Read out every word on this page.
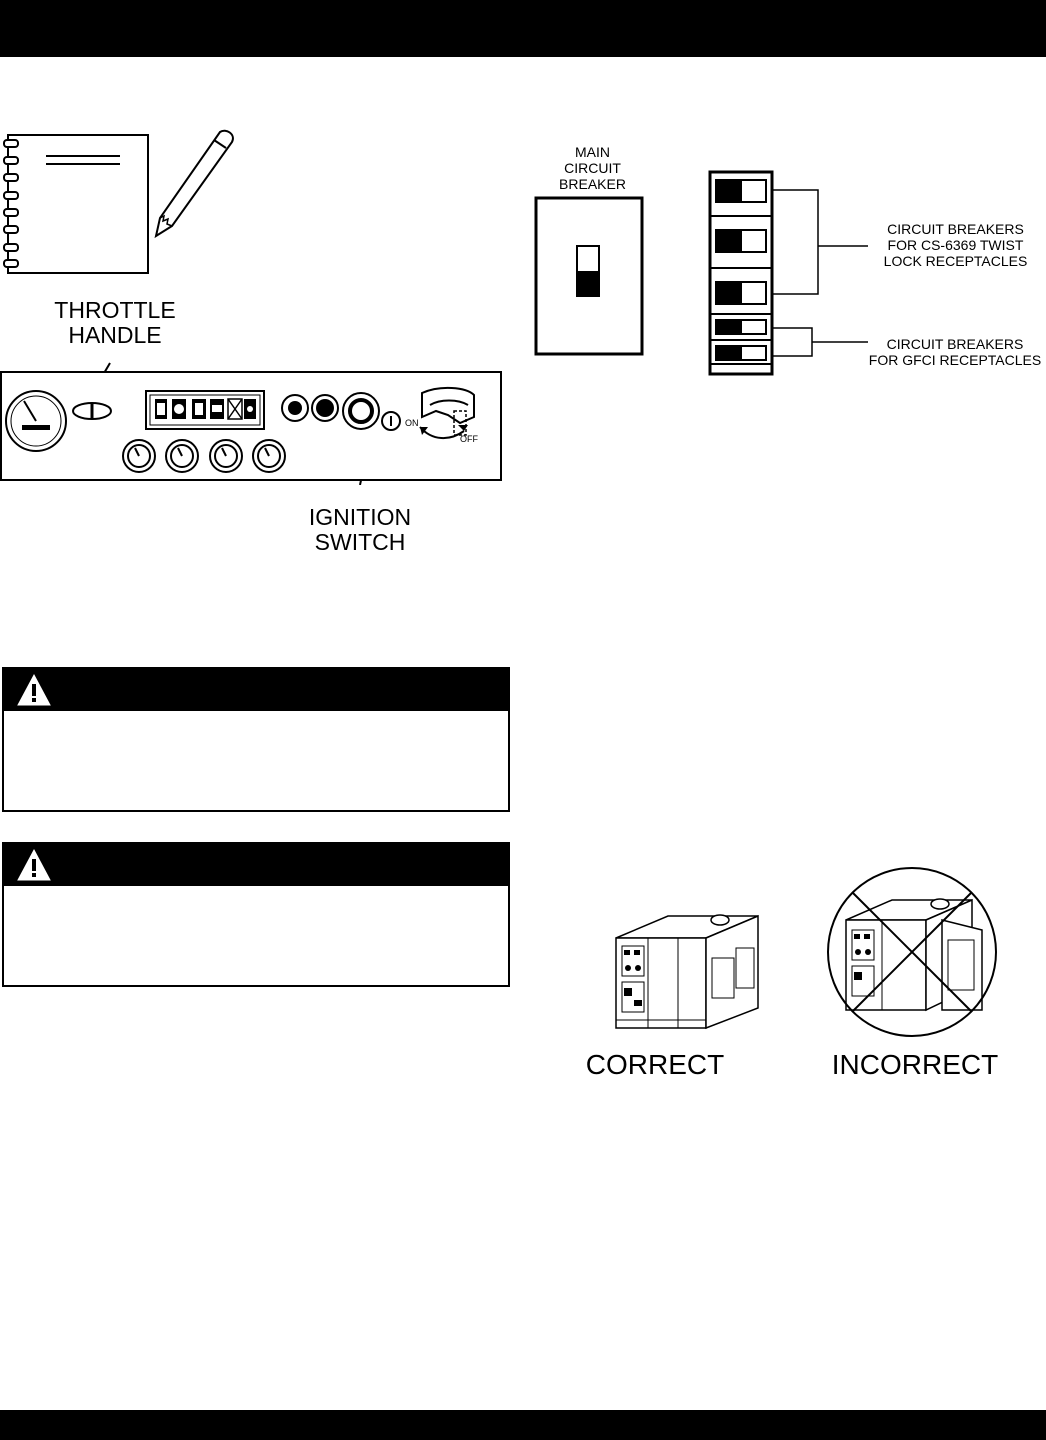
THROTTLE
HANDLE
ON
OFF
IGNITION
SWITCH
MAIN
CIRCUIT
BREAKER
CIRCUIT BREAKERS
FOR CS-6369 TWIST
LOCK RECEPTACLES
CIRCUIT BREAKERS
FOR GFCI RECEPTACLES
CORRECT	INCORRECT
